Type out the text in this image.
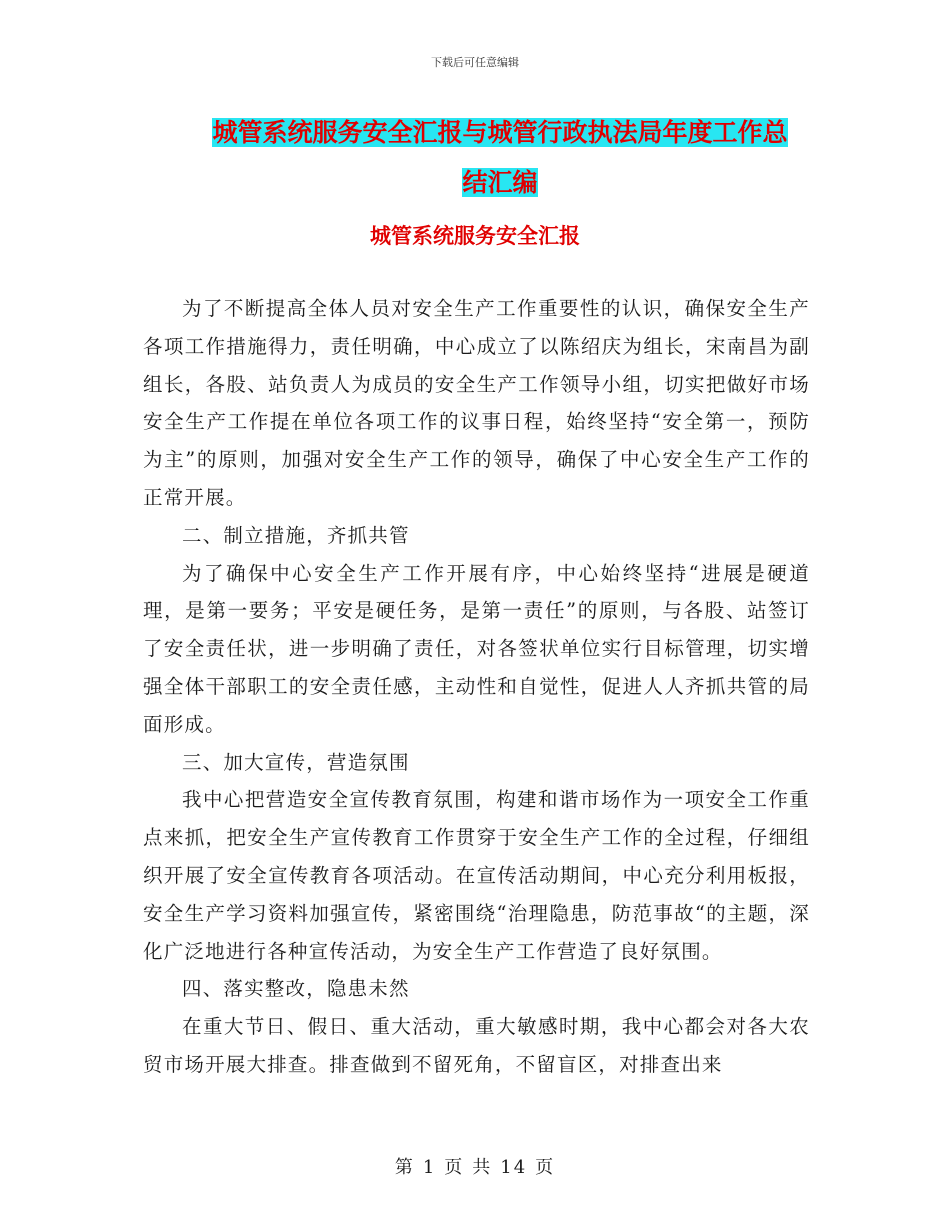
下载后可任意编辑
城管系统服务安全汇报与城管行政执法局年度工作总
结汇编
城管系统服务安全汇报

为了不断提高全体人员对安全生产工作重要性的认识，确保安全生产各项工作措施得力，责任明确，中心成立了以陈绍庆为组长，宋南昌为副组长，各股、站负责人为成员的安全生产工作领导小组，切实把做好市场安全生产工作提在单位各项工作的议事日程，始终坚持“安全第一，预防为主”的原则，加强对安全生产工作的领导，确保了中心安全生产工作的正常开展。

二、制立措施，齐抓共管

为了确保中心安全生产工作开展有序，中心始终坚持“进展是硬道理，是第一要务；平安是硬任务，是第一责任”的原则，与各股、站签订了安全责任状，进一步明确了责任，对各签状单位实行目标管理，切实增强全体干部职工的安全责任感，主动性和自觉性，促进人人齐抓共管的局面形成。

三、加大宣传，营造氛围

我中心把营造安全宣传教育氛围，构建和谐市场作为一项安全工作重点来抓，把安全生产宣传教育工作贯穿于安全生产工作的全过程，仔细组织开展了安全宣传教育各项活动。在宣传活动期间，中心充分利用板报，安全生产学习资料加强宣传，紧密围绕“治理隐患，防范事故“的主题，深化广泛地进行各种宣传活动，为安全生产工作营造了良好氛围。

四、落实整改，隐患未然

在重大节日、假日、重大活动，重大敏感时期，我中心都会对各大农贸市场开展大排查。排查做到不留死角，不留盲区，对排查出来

第 1 页 共 14 页
